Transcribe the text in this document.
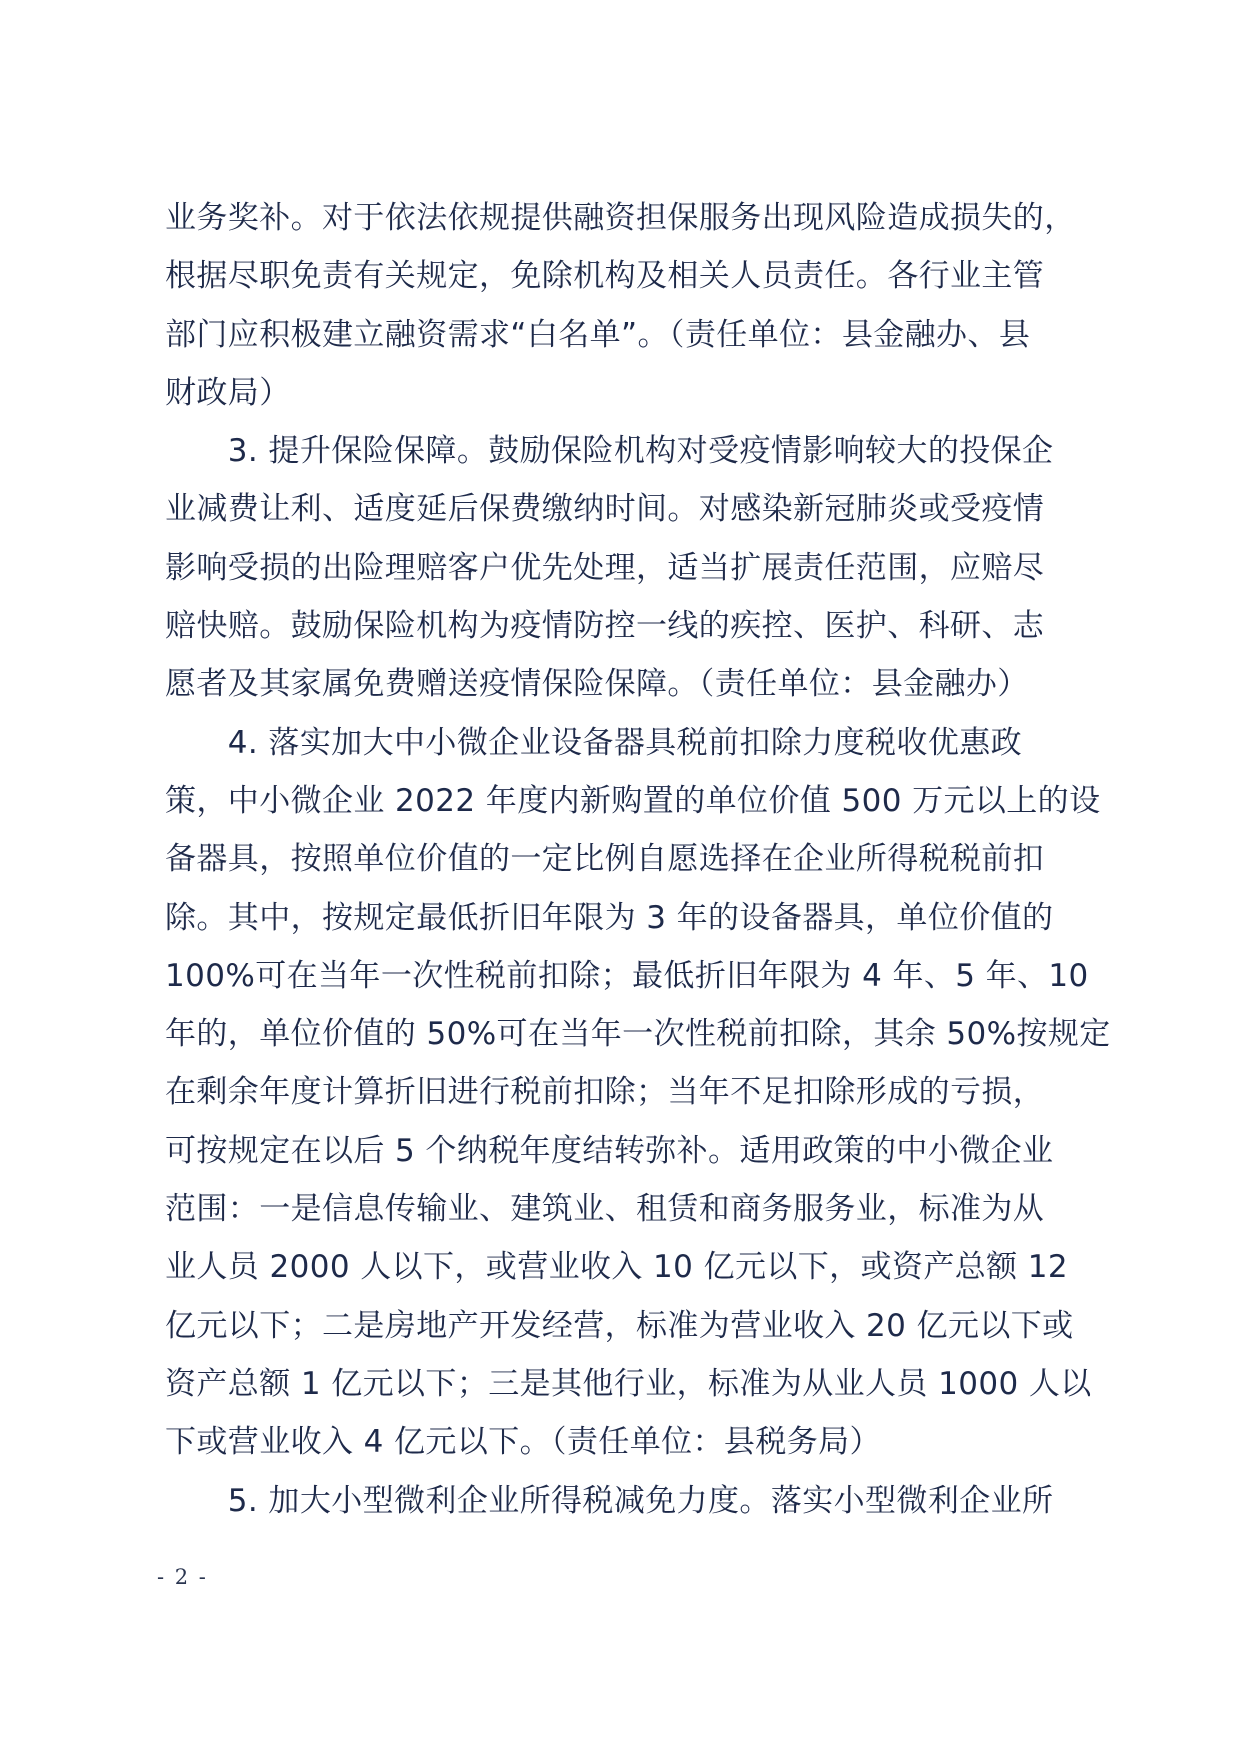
业务奖补。对于依法依规提供融资担保服务出现风险造成损失的，
根据尽职免责有关规定，免除机构及相关人员责任。各行业主管
部门应积极建立融资需求“白名单”。（责任单位：县金融办、县
财政局）
　　3. 提升保险保障。鼓励保险机构对受疫情影响较大的投保企
业减费让利、适度延后保费缴纳时间。对感染新冠肺炎或受疫情
影响受损的出险理赔客户优先处理，适当扩展责任范围，应赔尽
赔快赔。鼓励保险机构为疫情防控一线的疾控、医护、科研、志
愿者及其家属免费赠送疫情保险保障。（责任单位：县金融办）
　　4. 落实加大中小微企业设备器具税前扣除力度税收优惠政
策，中小微企业 2022 年度内新购置的单位价值 500 万元以上的设
备器具，按照单位价值的一定比例自愿选择在企业所得税税前扣
除。其中，按规定最低折旧年限为 3 年的设备器具，单位价值的
100%可在当年一次性税前扣除；最低折旧年限为 4 年、5 年、10
年的，单位价值的 50%可在当年一次性税前扣除，其余 50%按规定
在剩余年度计算折旧进行税前扣除；当年不足扣除形成的亏损，
可按规定在以后 5 个纳税年度结转弥补。适用政策的中小微企业
范围：一是信息传输业、建筑业、租赁和商务服务业，标准为从
业人员 2000 人以下，或营业收入 10 亿元以下，或资产总额 12
亿元以下；二是房地产开发经营，标准为营业收入 20 亿元以下或
资产总额 1 亿元以下；三是其他行业，标准为从业人员 1000 人以
下或营业收入 4 亿元以下。（责任单位：县税务局）
　　5. 加大小型微利企业所得税减免力度。落实小型微利企业所
- 2 -
